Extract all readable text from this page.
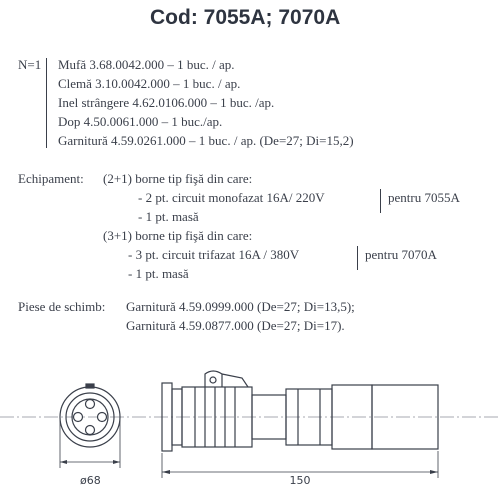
Cod: 7055A; 7070A
N=1 Mufă 3.68.0042.000 – 1 buc. / ap.
Clemă 3.10.0042.000 – 1 buc. / ap.
Inel strângere 4.62.0106.000 – 1 buc. /ap.
Dop 4.50.0061.000 – 1 buc./ap.
Garnitură 4.59.0261.000 – 1 buc. / ap. (De=27; Di=15,2)
Echipament: (2+1) borne tip fişă din care:
- 2 pt. circuit monofazat 16A/ 220V
- 1 pt. masă
pentru 7055A
(3+1) borne tip fişă din care:
- 3 pt. circuit trifazat 16A / 380V
- 1 pt. masă
pentru 7070A
Piese de schimb: Garnitură 4.59.0999.000 (De=27; Di=13,5);
Garnitură 4.59.0877.000 (De=27; Di=17).
ø68	150
